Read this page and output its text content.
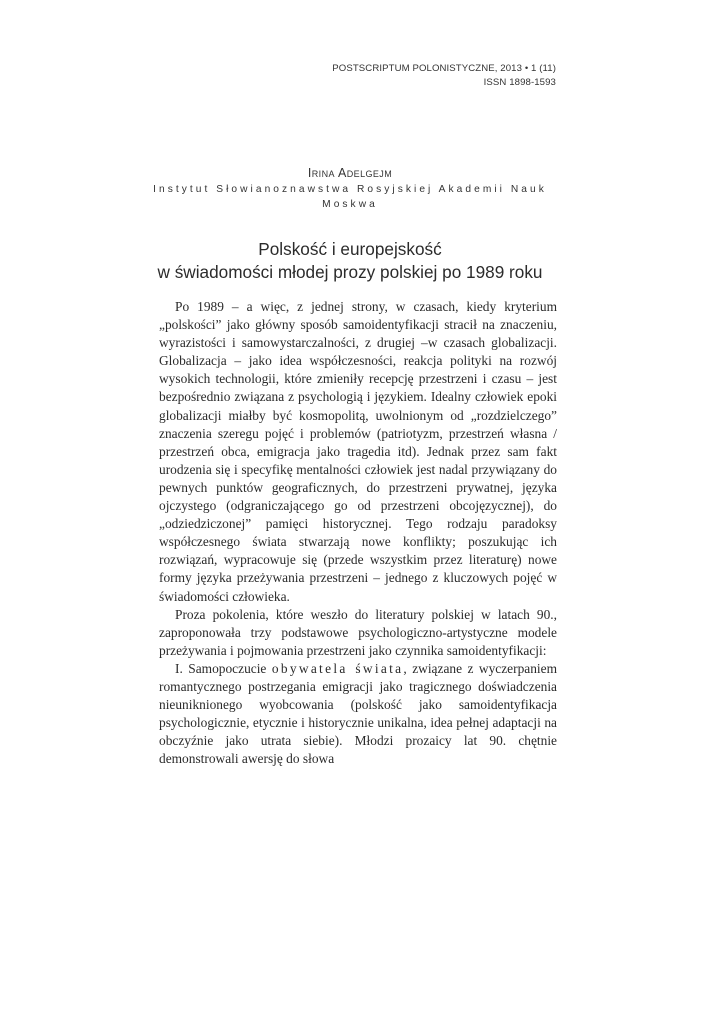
POSTSCRIPTUM POLONISTYCZNE, 2013 • 1 (11)
ISSN 1898-1593
Irina Adelgejm
Instytut Słowianoznawstwa Rosyjskiej Akademii Nauk
Moskwa
Polskość i europejskość
w świadomości młodej prozy polskiej po 1989 roku

Po 1989 – a więc, z jednej strony, w czasach, kiedy kryterium „polskości” jako główny sposób samoidentyfikacji stracił na znaczeniu, wyrazistości i samowystarczalności, z drugiej –w czasach globalizacji. Globalizacja – jako idea współczesności, reakcja polityki na rozwój wysokich technologii, które zmieniły recepcję przestrzeni i czasu – jest bezpośrednio związana z psychologią i językiem. Idealny człowiek epoki globalizacji miałby być kosmopolitą, uwolnionym od „rozdzielczego” znaczenia szeregu pojęć i problemów (patriotyzm, przestrzeń własna / przestrzeń obca, emigracja jako tragedia itd). Jednak przez sam fakt urodzenia się i specyfikę mentalności człowiek jest nadal przywiązany do pewnych punktów geograficznych, do przestrzeni prywatnej, języka ojczystego (odgraniczającego go od przestrzeni obcojęzycznej), do „odziedziczonej” pamięci historycznej. Tego rodzaju paradoksy współczesnego świata stwarzają nowe konflikty; poszukując ich rozwiązań, wypracowuje się (przede wszystkim przez literaturę) nowe formy języka przeżywania przestrzeni – jednego z kluczowych pojęć w świadomości człowieka.

Proza pokolenia, które weszło do literatury polskiej w latach 90., zaproponowała trzy podstawowe psychologiczno-artystyczne modele przeżywania i pojmowania przestrzeni jako czynnika samoidentyfikacji:

I. Samopoczucie obywatela świata, związane z wyczerpaniem romantycznego postrzegania emigracji jako tragicznego doświadczenia nieuniknionego wyobcowania (polskość jako samoidentyfikacja psychologicznie, etycznie i historycznie unikalna, idea pełnej adaptacji na obczyźnie jako utrata siebie). Młodzi prozaicy lat 90. chętnie demonstrowali awersję do słowa
